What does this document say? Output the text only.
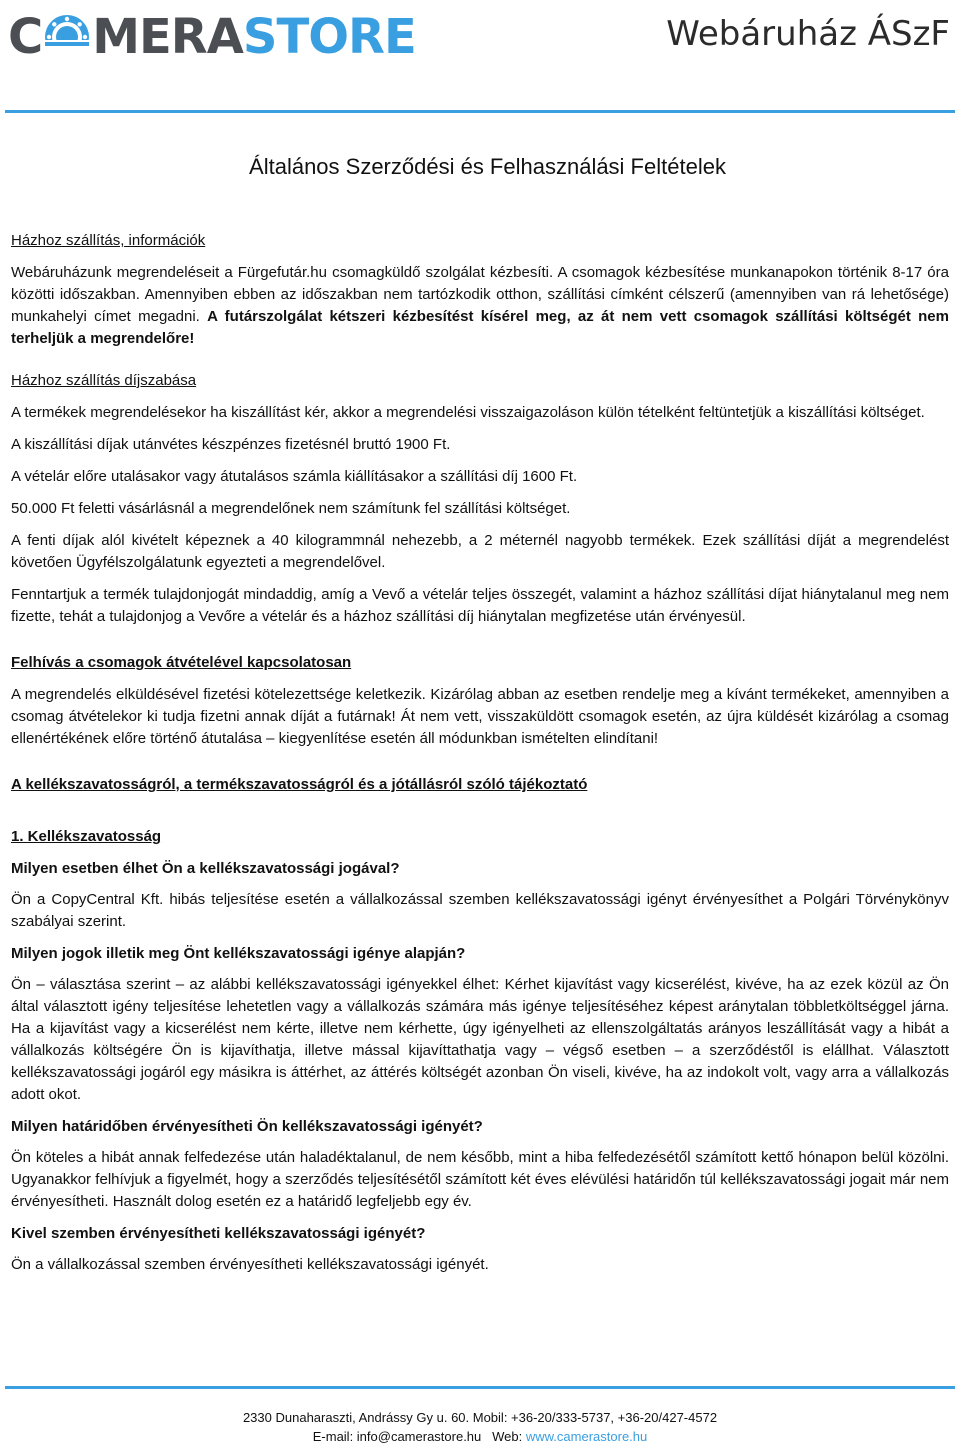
C MERASTORE	Webáruház ÁSzF
Általános Szerződési és Felhasználási Feltételek
Házhoz szállítás, információk

Webáruházunk megrendeléseit a Fürgefutár.hu csomagküldő szolgálat kézbesíti. A csomagok kézbesítése munkanapokon történik 8-17 óra közötti időszakban. Amennyiben ebben az időszakban nem tartózkodik otthon, szállítási címként célszerű (amennyiben van rá lehetősége) munkahelyi címet megadni. A futárszolgálat kétszeri kézbesítést kísérel meg, az át nem vett csomagok szállítási költségét nem terheljük a megrendelőre!

Házhoz szállítás díjszabása

A termékek megrendelésekor ha kiszállítást kér, akkor a megrendelési visszaigazoláson külön tételként feltüntetjük a kiszállítási költséget.

A kiszállítási díjak utánvétes készpénzes fizetésnél bruttó 1900 Ft.

A vételár előre utalásakor vagy átutalásos számla kiállításakor a szállítási díj 1600 Ft.

50.000 Ft feletti vásárlásnál a megrendelőnek nem számítunk fel szállítási költséget.

A fenti díjak alól kivételt képeznek a 40 kilogrammnál nehezebb, a 2 méternél nagyobb termékek. Ezek szállítási díját a megrendelést követően Ügyfélszolgálatunk egyezteti a megrendelővel.

Fenntartjuk a termék tulajdonjogát mindaddig, amíg a Vevő a vételár teljes összegét, valamint a házhoz szállítási díjat hiánytalanul meg nem fizette, tehát a tulajdonjog a Vevőre a vételár és a házhoz szállítási díj hiánytalan megfizetése után érvényesül.

Felhívás a csomagok átvételével kapcsolatosan

A megrendelés elküldésével fizetési kötelezettsége keletkezik. Kizárólag abban az esetben rendelje meg a kívánt termékeket, amennyiben a csomag átvételekor ki tudja fizetni annak díját a futárnak! Át nem vett, visszaküldött csomagok esetén, az újra küldését kizárólag a csomag ellenértékének előre történő átutalása – kiegyenlítése esetén áll módunkban ismételten elindítani!

A kellékszavatosságról, a termékszavatosságról és a jótállásról szóló tájékoztató
1. Kellékszavatosság

Milyen esetben élhet Ön a kellékszavatossági jogával?

Ön a CopyCentral Kft. hibás teljesítése esetén a vállalkozással szemben kellékszavatossági igényt érvényesíthet a Polgári Törvénykönyv szabályai szerint.

Milyen jogok illetik meg Önt kellékszavatossági igénye alapján?

Ön – választása szerint – az alábbi kellékszavatossági igényekkel élhet: Kérhet kijavítást vagy kicserélést, kivéve, ha az ezek közül az Ön által választott igény teljesítése lehetetlen vagy a vállalkozás számára más igénye teljesítéséhez képest aránytalan többletköltséggel járna. Ha a kijavítást vagy a kicserélést nem kérte, illetve nem kérhette, úgy igényelheti az ellenszolgáltatás arányos leszállítását vagy a hibát a vállalkozás költségére Ön is kijavíthatja, illetve mással kijavíttathatja vagy – végső esetben – a szerződéstől is elállhat. Választott kellékszavatossági jogáról egy másikra is áttérhet, az áttérés költségét azonban Ön viseli, kivéve, ha az indokolt volt, vagy arra a vállalkozás adott okot.

Milyen határidőben érvényesítheti Ön kellékszavatossági igényét?

Ön köteles a hibát annak felfedezése után haladéktalanul, de nem később, mint a hiba felfedezésétől számított kettő hónapon belül közölni. Ugyanakkor felhívjuk a figyelmét, hogy a szerződés teljesítésétől számított két éves elévülési határidőn túl kellékszavatossági jogait már nem érvényesítheti. Használt dolog esetén ez a határidő legfeljebb egy év.

Kivel szemben érvényesítheti kellékszavatossági igényét?

Ön a vállalkozással szemben érvényesítheti kellékszavatossági igényét.

2330 Dunaharaszti, Andrássy Gy u. 60. Mobil: +36-20/333-5737, +36-20/427-4572
E-mail: info@camerastore.hu Web: www.camerastore.hu
